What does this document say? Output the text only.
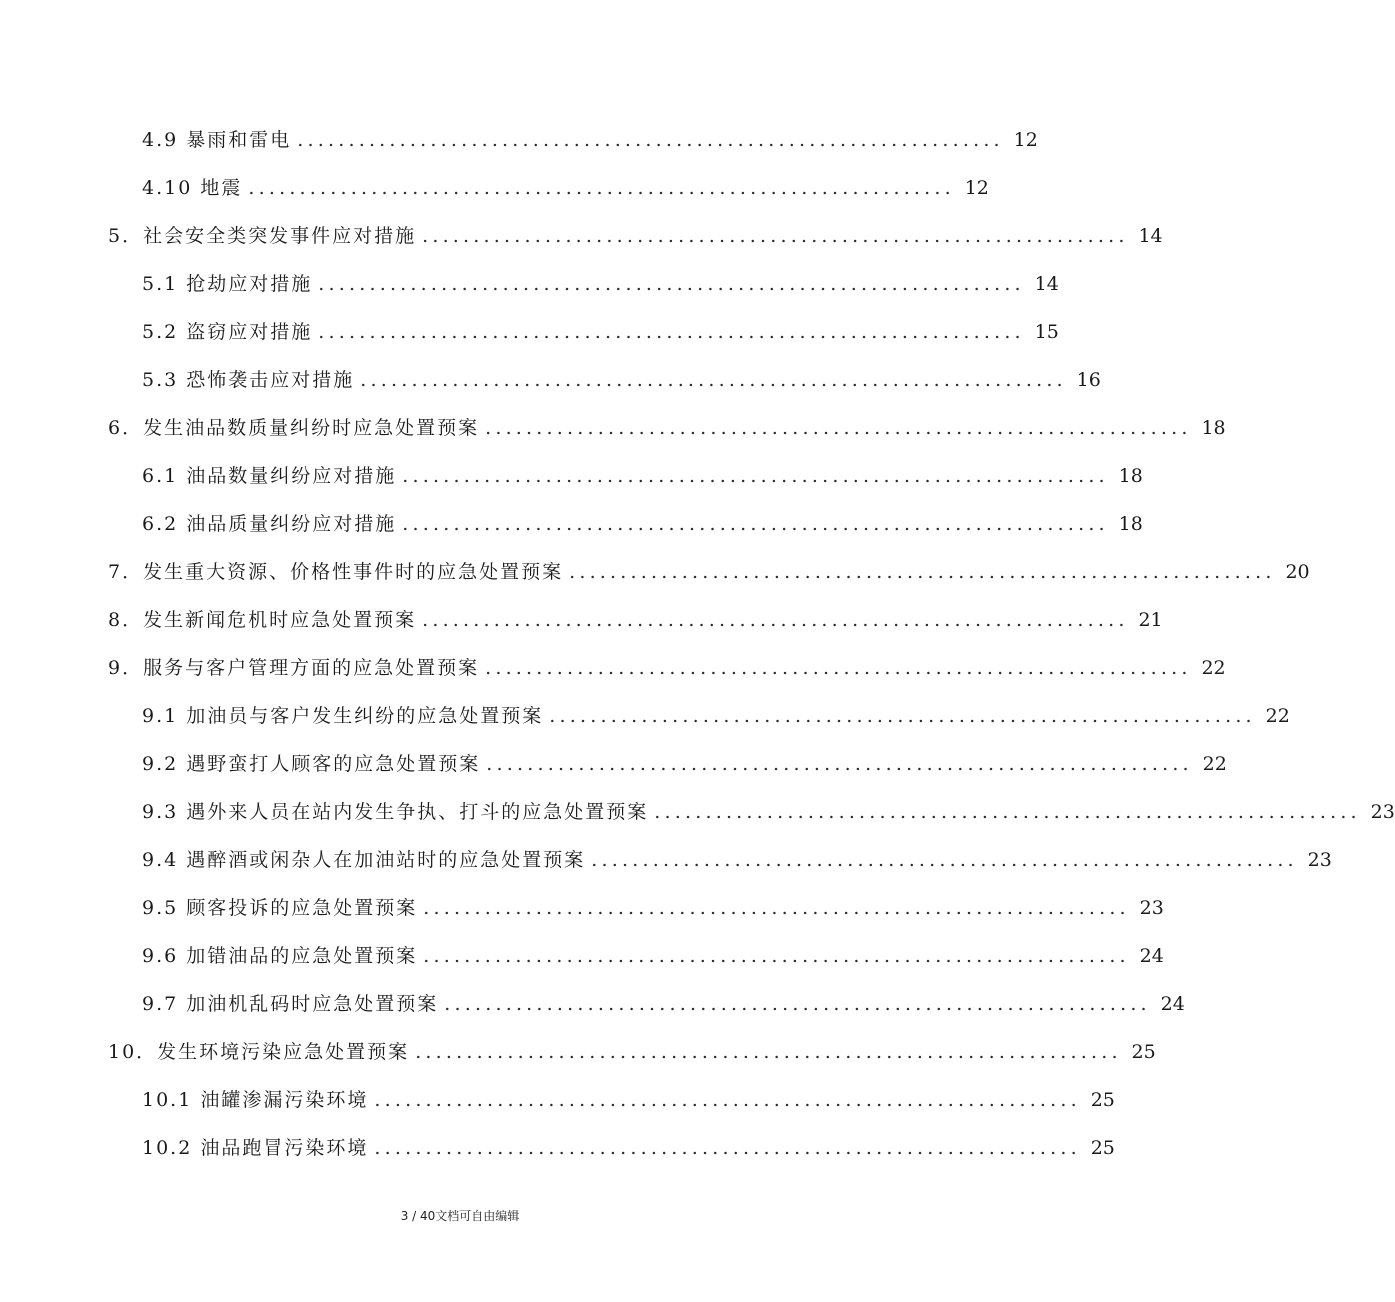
4.9 暴雨和雷电 ..................................................................... 12
4.10 地震 ..................................................................... 12
5．社会安全类突发事件应对措施 ..................................................................... 14
5.1 抢劫应对措施 ..................................................................... 14
5.2 盗窃应对措施 ..................................................................... 15
5.3 恐怖袭击应对措施 ..................................................................... 16
6．发生油品数质量纠纷时应急处置预案 ..................................................................... 18
6.1 油品数量纠纷应对措施 ..................................................................... 18
6.2 油品质量纠纷应对措施 ..................................................................... 18
7．发生重大资源、价格性事件时的应急处置预案 ..................................................................... 20
8．发生新闻危机时应急处置预案 ..................................................................... 21
9．服务与客户管理方面的应急处置预案 ..................................................................... 22
9.1 加油员与客户发生纠纷的应急处置预案 ..................................................................... 22
9.2 遇野蛮打人顾客的应急处置预案 ..................................................................... 22
9.3 遇外来人员在站内发生争执、打斗的应急处置预案 ..................................................................... 23
9.4 遇醉酒或闲杂人在加油站时的应急处置预案 ..................................................................... 23
9.5 顾客投诉的应急处置预案 ..................................................................... 23
9.6 加错油品的应急处置预案 ..................................................................... 24
9.7 加油机乱码时应急处置预案 ..................................................................... 24
10．发生环境污染应急处置预案 ..................................................................... 25
10.1 油罐渗漏污染环境 ..................................................................... 25
10.2 油品跑冒污染环境 ..................................................................... 25
3 / 40文档可自由编辑
